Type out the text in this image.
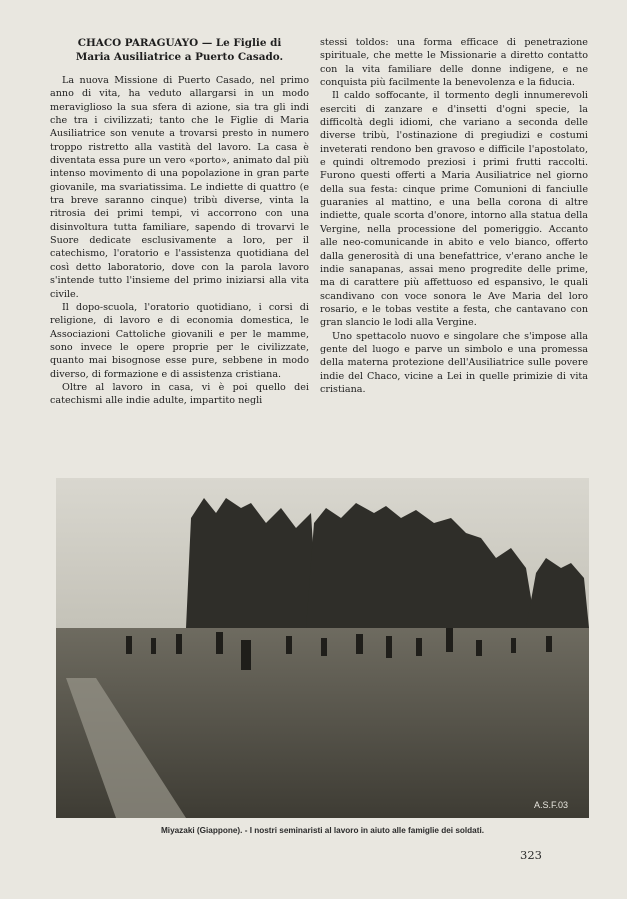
CHACO PARAGUAYO — Le Figlie di
Maria Ausiliatrice a Puerto Casado.

La nuova Missione di Puerto Casado, nel primo anno di vita, ha veduto allargarsi in un modo meraviglioso la sua sfera di azione, sia tra gli indi che tra i civilizzati; tanto che le Figlie di Maria Ausiliatrice son venute a trovarsi presto in numero troppo ristretto alla vastità del lavoro. La casa è diventata essa pure un vero «porto», animato dal più intenso movimento di una popolazione in gran parte giovanile, ma svariatissima. Le indiette di quattro (e tra breve saranno cinque) tribù diverse, vinta la ritrosia dei primi tempi, vi accorrono con una disinvoltura tutta familiare, sapendo di trovarvi le Suore dedicate esclusivamente a loro, per il catechismo, l'oratorio e l'assistenza quotidiana del così detto laboratorio, dove con la parola lavoro s'intende tutto l'insieme del primo iniziarsi alla vita civile.

Il dopo-scuola, l'oratorio quotidiano, i corsi di religione, di lavoro e di economia domestica, le Associazioni Cattoliche giovanili e per le mamme, sono invece le opere proprie per le civilizzate, quanto mai bisognose esse pure, sebbene in modo diverso, di formazione e di assistenza cristiana.

Oltre al lavoro in casa, vi è poi quello dei catechismi alle indie adulte, impartito negli

stessi toldos: una forma efficace di penetrazione spirituale, che mette le Missionarie a diretto contatto con la vita familiare delle donne indigene, e ne conquista più facilmente la benevolenza e la fiducia.

Il caldo soffocante, il tormento degli innumerevoli eserciti di zanzare e d'insetti d'ogni specie, la difficoltà degli idiomi, che variano a seconda delle diverse tribù, l'ostinazione di pregiudizi e costumi inveterati rendono ben gravoso e difficile l'apostolato, e quindi oltremodo preziosi i primi frutti raccolti. Furono questi offerti a Maria Ausiliatrice nel giorno della sua festa: cinque prime Comunioni di fanciulle guaranies al mattino, e una bella corona di altre indiette, quale scorta d'onore, intorno alla statua della Vergine, nella processione del pomeriggio. Accanto alle neo-comunicande in abito e velo bianco, offerto dalla generosità di una benefattrice, v'erano anche le indie sanapanas, assai meno progredite delle prime, ma di carattere più affettuoso ed espansivo, le quali scandivano con voce sonora le Ave Maria del loro rosario, e le tobas vestite a festa, che cantavano con gran slancio le lodi alla Vergine.

Uno spettacolo nuovo e singolare che s'impose alla gente del luogo e parve un simbolo e una promessa della materna protezione dell'Ausiliatrice sulle povere indie del Chaco, vicine a Lei in quelle primizie di vita cristiana.

A.S.F.03
Miyazaki (Giappone). - I nostri seminaristi al lavoro in aiuto alle famiglie dei soldati.
323
